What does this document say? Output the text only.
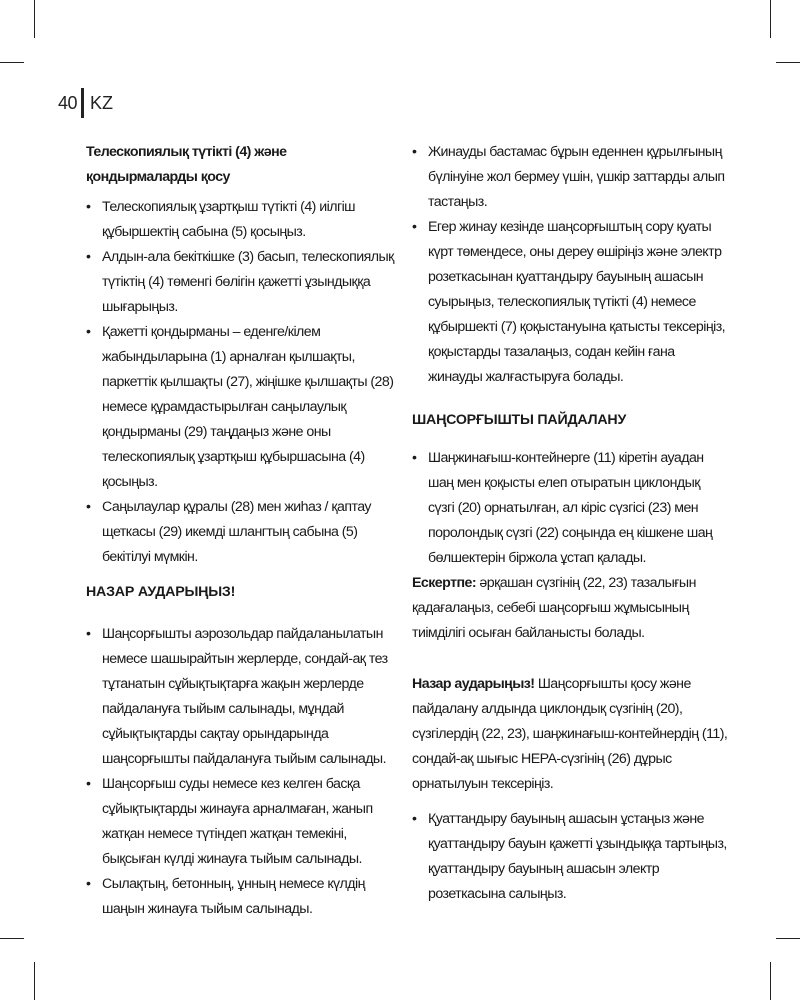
40 KZ

Телескопиялық түтікті (4) және қондырмаларды қосу

• Телескопиялық ұзартқыш түтікті (4) иілгіш құбыршектің сабына (5) қосыңыз.
• Алдын-ала бекіткішке (3) басып, телескопиялық түтіктің (4) төменгі бөлігін қажетті ұзындыққа шығарыңыз.
• Қажетті қондырманы – еденге/кілем жабындыларына (1) арналған қылшақты, паркеттік қылшақты (27), жіңішке қылшақты (28) немесе құрамдастырылған саңылаулық қондырманы (29) таңдаңыз және оны телескопиялық ұзартқыш құбыршасына (4) қосыңыз.
• Саңылаулар құралы (28) мен жиһаз / қаптау щеткасы (29) икемді шлангтың сабына (5) бекітілуі мүмкін.

НАЗАР АУДАРЫҢЫЗ!

• Шаңсорғышты аэрозольдар пайдаланылатын немесе шашырайтын жерлерде, сондай-ақ тез тұтанатын сұйықтықтарға жақын жерлерде пайдалануға тыйым салынады, мұндай сұйықтықтарды сақтау орындарында шаңсорғышты пайдалануға тыйым салынады.
• Шаңсорғыш суды немесе кез келген басқа сұйықтықтарды жинауға арналмаған, жанып жатқан немесе түтіндеп жатқан темекіні, бықсыған күлді жинауға тыйым салынады.
• Сылақтың, бетонның, ұнның немесе күлдің шаңын жинауға тыйым салынады.
• Жинауды бастамас бұрын еденнен құрылғының бүлінуіне жол бермеу үшін, үшкір заттарды алып тастаңыз.
• Егер жинау кезінде шаңсорғыштың сору қуаты күрт төмендесе, оны дереу өшіріңіз және электр розеткасынан қуаттандыру бауының ашасын суырыңыз, телескопиялық түтікті (4) немесе құбыршекті (7) қоқыстануына қатысты тексеріңіз, қоқыстарды тазалаңыз, содан кейін ғана жинауды жалғастыруға болады.

ШАҢСОРҒЫШТЫ ПАЙДАЛАНУ

• Шаңжинағыш-контейнерге (11) кіретін ауадан шаң мен қоқысты елеп отыратын циклондық сүзгі (20) орнатылған, ал кіріс сүзгісі (23) мен поролондық сүзгі (22) соңында ең кішкене шаң бөлшектерін біржола ұстап қалады.

Ескертпе: әрқашан сүзгінің (22, 23) тазалығын қадағалаңыз, себебі шаңсорғыш жұмысының тиімділігі осыған байланысты болады.

Назар аударыңыз! Шаңсорғышты қосу және пайдалану алдында циклондық сүзгінің (20), сүзгілердің (22, 23), шаңжинағыш-контейнердің (11), сондай-ақ шығыс HEPA-сүзгінің (26) дұрыс орнатылуын тексеріңіз.

• Қуаттандыру бауының ашасын ұстаңыз және қуаттандыру бауын қажетті ұзындыққа тартыңыз, қуаттандыру бауының ашасын электр розеткасына салыңыз.
